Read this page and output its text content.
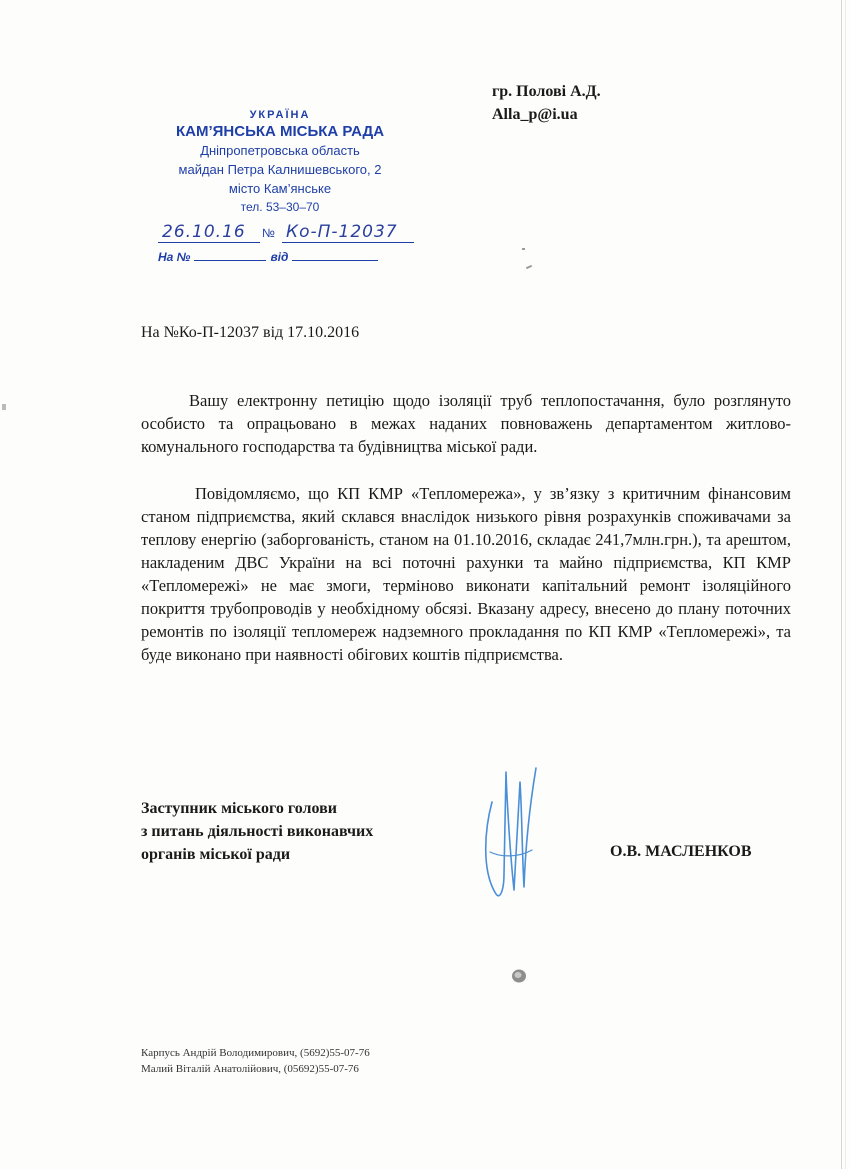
УКРАЇНА
КАМ’ЯНСЬКА МІСЬКА РАДА
Дніпропетровська область
майдан Петра Калнишевського, 2
місто Кам’янське
тел. 53–30–70
26.10.16 № Ко-П-12037
На №	від
гр. Полові А.Д.
Alla_p@i.ua
На №Ко-П-12037 від 17.10.2016
Вашу електронну петицію щодо ізоляції труб теплопостачання, було розглянуто особисто та опрацьовано в межах наданих повноважень департаментом житлово-комунального господарства та будівництва міської ради.
Повідомляємо, що КП КМР «Тепломережа», у зв’язку з критичним фінансовим станом підприємства, який склався внаслідок низького рівня розрахунків споживачами за теплову енергію (заборгованість, станом на 01.10.2016, складає 241,7млн.грн.), та арештом, накладеним ДВС України на всі поточні рахунки та майно підприємства, КП КМР «Тепломережі» не має змоги, терміново виконати капітальний ремонт ізоляційного покриття трубопроводів у необхідному обсязі. Вказану адресу, внесено до плану поточних ремонтів по ізоляції тепломереж надземного прокладання по КП КМР «Тепломережі», та буде виконано при наявності обігових коштів підприємства.
Заступник міського голови
з питань діяльності виконавчих
органів міської ради	О.В. МАСЛЕНКОВ
Карпусь Андрій Володимирович, (5692)55-07-76
Малий Віталій Анатолійович, (05692)55-07-76
